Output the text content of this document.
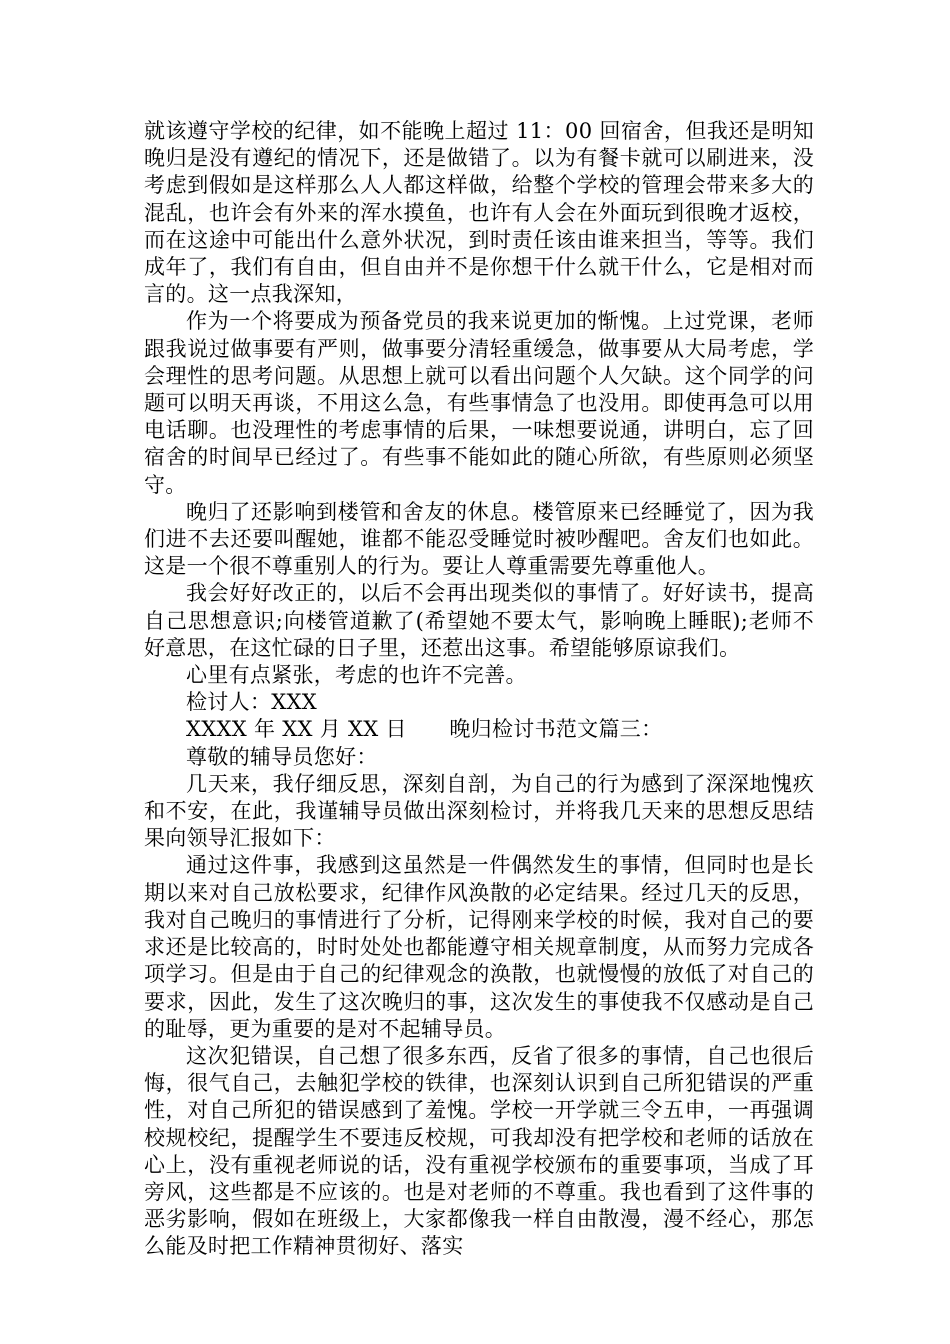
就该遵守学校的纪律，如不能晚上超过 11：00 回宿舍，但我还是明知晚归是没有遵纪的情况下，还是做错了。以为有餐卡就可以刷进来，没考虑到假如是这样那么人人都这样做，给整个学校的管理会带来多大的混乱，也许会有外来的浑水摸鱼，也许有人会在外面玩到很晚才返校，而在这途中可能出什么意外状况，到时责任该由谁来担当，等等。我们成年了，我们有自由，但自由并不是你想干什么就干什么，它是相对而言的。这一点我深知，

作为一个将要成为预备党员的我来说更加的惭愧。上过党课，老师跟我说过做事要有严则，做事要分清轻重缓急，做事要从大局考虑，学会理性的思考问题。从思想上就可以看出问题个人欠缺。这个同学的问题可以明天再谈，不用这么急，有些事情急了也没用。即使再急可以用电话聊。也没理性的考虑事情的后果，一味想要说通，讲明白，忘了回宿舍的时间早已经过了。有些事不能如此的随心所欲，有些原则必须坚守。

晚归了还影响到楼管和舍友的休息。楼管原来已经睡觉了，因为我们进不去还要叫醒她，谁都不能忍受睡觉时被吵醒吧。舍友们也如此。这是一个很不尊重别人的行为。要让人尊重需要先尊重他人。

我会好好改正的，以后不会再出现类似的事情了。好好读书，提高自己思想意识;向楼管道歉了(希望她不要太气，影响晚上睡眠);老师不好意思，在这忙碌的日子里，还惹出这事。希望能够原谅我们。

心里有点紧张，考虑的也许不完善。

检讨人：XXX

XXXX 年 XX 月 XX 日　　晚归检讨书范文篇三：

尊敬的辅导员您好：

几天来，我仔细反思，深刻自剖，为自己的行为感到了深深地愧疚和不安，在此，我谨辅导员做出深刻检讨，并将我几天来的思想反思结果向领导汇报如下：

通过这件事，我感到这虽然是一件偶然发生的事情，但同时也是长期以来对自己放松要求，纪律作风涣散的必定结果。经过几天的反思，我对自己晚归的事情进行了分析，记得刚来学校的时候，我对自己的要求还是比较高的，时时处处也都能遵守相关规章制度，从而努力完成各项学习。但是由于自己的纪律观念的涣散，也就慢慢的放低了对自己的要求，因此，发生了这次晚归的事，这次发生的事使我不仅感动是自己的耻辱，更为重要的是对不起辅导员。

这次犯错误，自己想了很多东西，反省了很多的事情，自己也很后悔，很气自己，去触犯学校的铁律，也深刻认识到自己所犯错误的严重性，对自己所犯的错误感到了羞愧。学校一开学就三令五申，一再强调校规校纪，提醒学生不要违反校规，可我却没有把学校和老师的话放在心上，没有重视老师说的话，没有重视学校颁布的重要事项，当成了耳旁风，这些都是不应该的。也是对老师的不尊重。我也看到了这件事的恶劣影响，假如在班级上，大家都像我一样自由散漫，漫不经心，那怎么能及时把工作精神贯彻好、落实
